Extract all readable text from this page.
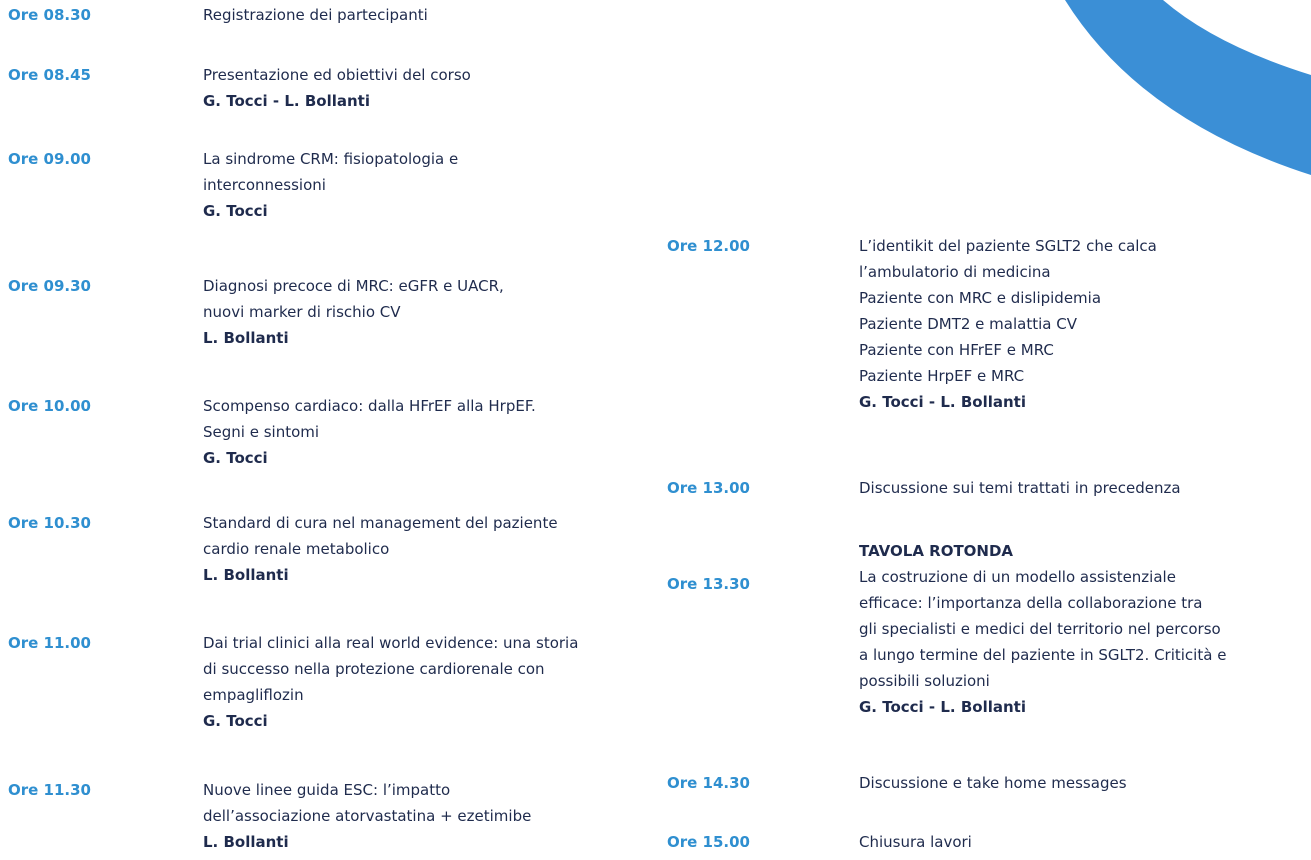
Ore 08.30	Registrazione dei partecipanti
Ore 08.45	Presentazione ed obiettivi del corso
G. Tocci - L. Bollanti
Ore 09.00	La sindrome CRM: fisiopatologia e
interconnessioni
G. Tocci
Ore 09.30	Diagnosi precoce di MRC: eGFR e UACR,
nuovi marker di rischio CV
L. Bollanti
Ore 10.00	Scompenso cardiaco: dalla HFrEF alla HrpEF.
Segni e sintomi
G. Tocci
Ore 10.30	Standard di cura nel management del paziente
cardio renale metabolico
L. Bollanti
Ore 11.00	Dai trial clinici alla real world evidence: una storia
di successo nella protezione cardiorenale con
empagliflozin
G. Tocci
Ore 11.30	Nuove linee guida ESC: l’impatto
dell’associazione atorvastatina + ezetimibe
L. Bollanti
Ore 12.00	L’identikit del paziente SGLT2 che calca
l’ambulatorio di medicina
Paziente con MRC e dislipidemia
Paziente DMT2 e malattia CV
Paziente con HFrEF e MRC
Paziente HrpEF e MRC
G. Tocci - L. Bollanti
Ore 13.00	Discussione sui temi trattati in precedenza
Ore 13.30
TAVOLA ROTONDA
La costruzione di un modello assistenziale
efficace: l’importanza della collaborazione tra
gli specialisti e medici del territorio nel percorso
a lungo termine del paziente in SGLT2. Criticità e
possibili soluzioni
G. Tocci - L. Bollanti
Ore 14.30	Discussione e take home messages
Ore 15.00	Chiusura lavori
